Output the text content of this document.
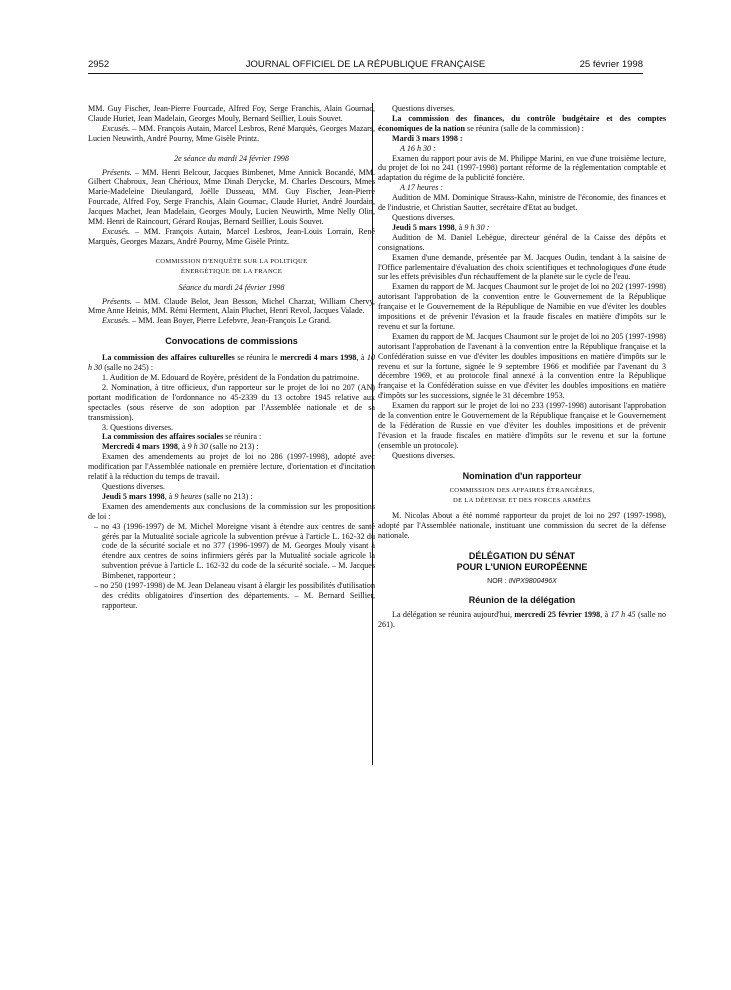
2952	JOURNAL OFFICIEL DE LA RÉPUBLIQUE FRANÇAISE	25 février 1998

MM. Guy Fischer, Jean-Pierre Fourcade, Alfred Foy, Serge Franchis, Alain Gournac, Claude Huriet, Jean Madelain, Georges Mouly, Bernard Seillier, Louis Souvet.

Excusés. – MM. François Autain, Marcel Lesbros, René Marquès, Georges Mazars, Lucien Neuwirth, André Pourny, Mme Gisèle Printz.

2e séance du mardi 24 février 1998

Présents. – MM. Henri Belcour, Jacques Bimbenet, Mme Annick Bocandé, MM. Gilbert Chabroux, Jean Chérioux, Mme Dinah Derycke, M. Charles Descours, Mmes Marie-Madeleine Dieulangard, Joëlle Dusseau, MM. Guy Fischer, Jean-Pierre Fourcade, Alfred Foy, Serge Franchis, Alain Gournac, Claude Huriet, André Jourdain, Jacques Machet, Jean Madelain, Georges Mouly, Lucien Neuwirth, Mme Nelly Olin, MM. Henri de Raincourt, Gérard Roujas, Bernard Seillier, Louis Souvet.

Excusés. – MM. François Autain, Marcel Lesbros, Jean-Louis Lorrain, René Marquès, Georges Mazars, André Pourny, Mme Gisèle Printz.

COMMISSION D'ENQUÊTE SUR LA POLITIQUE

ÉNERGÉTIQUE DE LA FRANCE

Séance du mardi 24 février 1998

Présents. – MM. Claude Belot, Jean Besson, Michel Charzat, William Chervy, Mme Anne Heinis, MM. Rémi Herment, Alain Pluchet, Henri Revol, Jacques Valade.

Excusés. – MM. Jean Boyer, Pierre Lefebvre, Jean-François Le Grand.

Convocations de commissions

La commission des affaires culturelles se réunira le mercredi 4 mars 1998, à 10 h 30 (salle no 245) :

1. Audition de M. Edouard de Royère, président de la Fondation du patrimoine.

2. Nomination, à titre officieux, d'un rapporteur sur le projet de loi no 207 (AN) portant modification de l'ordonnance no 45-2339 du 13 octobre 1945 relative aux spectacles (sous réserve de son adoption par l'Assemblée nationale et de sa transmission).

3. Questions diverses.

La commission des affaires sociales se réunira :

Mercredi 4 mars 1998, à 9 h 30 (salle no 213) :

Examen des amendements au projet de loi no 286 (1997-1998), adopté avec modification par l'Assemblée nationale en première lecture, d'orientation et d'incitation relatif à la réduction du temps de travail.

Questions diverses.

Jeudi 5 mars 1998, à 9 heures (salle no 213) :

Examen des amendements aux conclusions de la commission sur les propositions de loi :

– no 43 (1996-1997) de M. Michel Moreigne visant à étendre aux centres de santé gérés par la Mutualité sociale agricole la subvention prévue à l'article L. 162-32 du code de la sécurité sociale et no 377 (1996-1997) de M. Georges Mouly visant à étendre aux centres de soins infirmiers gérés par la Mutualité sociale agricole la subvention prévue à l'article L. 162-32 du code de la sécurité sociale. – M. Jacques Bimbenet, rapporteur ;

– no 250 (1997-1998) de M. Jean Delaneau visant à élargir les possibilités d'utilisation des crédits obligatoires d'insertion des départements. – M. Bernard Seillier, rapporteur.

Questions diverses.

La commission des finances, du contrôle budgétaire et des comptes économiques de la nation se réunira (salle de la commission) :

Mardi 3 mars 1998 :

A 16 h 30 :

Examen du rapport pour avis de M. Philippe Marini, en vue d'une troisième lecture, du projet de loi no 241 (1997-1998) portant réforme de la réglementation comptable et adaptation du régime de la publicité foncière.

A 17 heures :

Audition de MM. Dominique Strauss-Kahn, ministre de l'économie, des finances et de l'industrie, et Christian Sautter, secrétaire d'Etat au budget.

Questions diverses.

Jeudi 5 mars 1998, à 9 h 30 :

Audition de M. Daniel Lebègue, directeur général de la Caisse des dépôts et consignations.

Examen d'une demande, présentée par M. Jacques Oudin, tendant à la saisine de l'Office parlementaire d'évaluation des choix scientifiques et technologiques d'une étude sur les effets prévisibles d'un réchauffement de la planète sur le cycle de l'eau.

Examen du rapport de M. Jacques Chaumont sur le projet de loi no 202 (1997-1998) autorisant l'approbation de la convention entre le Gouvernement de la République française et le Gouvernement de la République de Namibie en vue d'éviter les doubles impositions et de prévenir l'évasion et la fraude fiscales en matière d'impôts sur le revenu et sur la fortune.

Examen du rapport de M. Jacques Chaumont sur le projet de loi no 205 (1997-1998) autorisant l'approbation de l'avenant à la convention entre la République française et la Confédération suisse en vue d'éviter les doubles impositions en matière d'impôts sur le revenu et sur la fortune, signée le 9 septembre 1966 et modifiée par l'avenant du 3 décembre 1969, et au protocole final annexé à la convention entre la République française et la Confédération suisse en vue d'éviter les doubles impositions en matière d'impôts sur les successions, signée le 31 décembre 1953.

Examen du rapport sur le projet de loi no 233 (1997-1998) autorisant l'approbation de la convention entre le Gouvernement de la République française et le Gouvernement de la Fédération de Russie en vue d'éviter les doubles impositions et de prévenir l'évasion et la fraude fiscales en matière d'impôts sur le revenu et sur la fortune (ensemble un protocole).

Questions diverses.

Nomination d'un rapporteur

COMMISSION DES AFFAIRES ÉTRANGÈRES,

DE LA DÉFENSE ET DES FORCES ARMÉES

M. Nicolas About a été nommé rapporteur du projet de loi no 297 (1997-1998), adopté par l'Assemblée nationale, instituant une commission du secret de la défense nationale.

DÉLÉGATION DU SÉNAT

POUR L'UNION EUROPÉENNE

NOR : INPX9800496X

Réunion de la délégation

La délégation se réunira aujourd'hui, mercredi 25 février 1998, à 17 h 45 (salle no 261).
